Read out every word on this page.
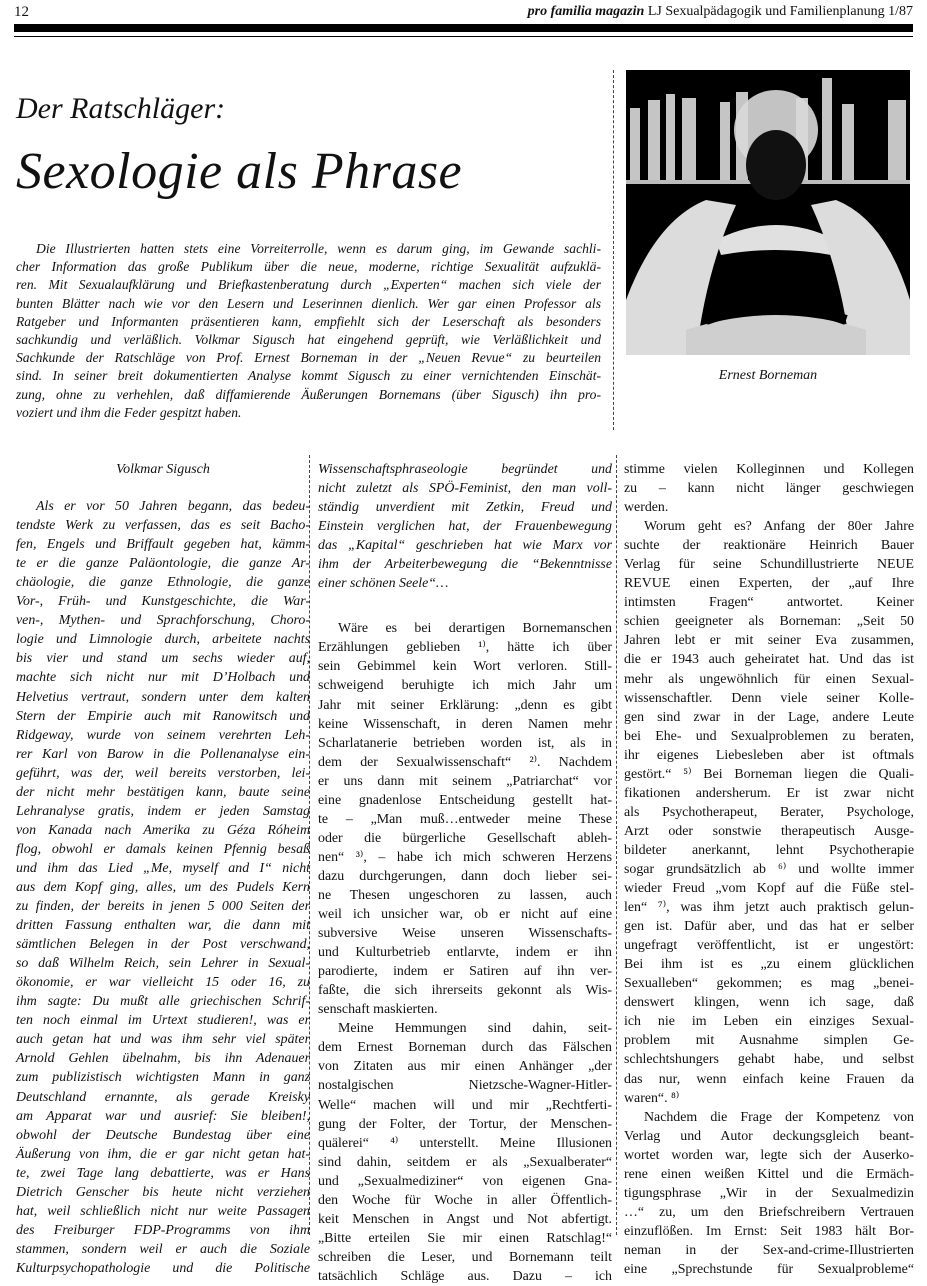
12	pro familia magazin LJ Sexualpädagogik und Familienplanung 1/87
Der Ratschläger:
Sexologie als Phrase
Die Illustrierten hatten stets eine Vorreiterrolle, wenn es darum ging, im Gewande sachli-
cher Information das große Publikum über die neue, moderne, richtige Sexualität aufzuklä-
ren. Mit Sexualaufklärung und Briefkastenberatung durch „Experten“ machen sich viele der
bunten Blätter nach wie vor den Lesern und Leserinnen dienlich. Wer gar einen Professor als
Ratgeber und Informanten präsentieren kann, empfiehlt sich der Leserschaft als besonders
sachkundig und verläßlich. Volkmar Sigusch hat eingehend geprüft, wie Verläßlichkeit und
Sachkunde der Ratschläge von Prof. Ernest Borneman in der „Neuen Revue“ zu beurteilen
sind. In seiner breit dokumentierten Analyse kommt Sigusch zu einer vernichtenden Einschät-
zung, ohne zu verhehlen, daß diffamierende Äußerungen Bornemans (über Sigusch) ihn pro-
voziert und ihm die Feder gespitzt haben.
Ernest Borneman
Volkmar Sigusch
Als er vor 50 Jahren begann, das bedeu-
tendste Werk zu verfassen, das es seit Bacho-
fen, Engels und Briffault gegeben hat, kämm-
te er die ganze Paläontologie, die ganze Ar-
chäologie, die ganze Ethnologie, die ganze
Vor-, Früh- und Kunstgeschichte, die War-
ven-, Mythen- und Sprachforschung, Choro-
logie und Limnologie durch, arbeitete nachts
bis vier und stand um sechs wieder auf,
machte sich nicht nur mit D’Holbach und
Helvetius vertraut, sondern unter dem kalten
Stern der Empirie auch mit Ranowitsch und
Ridgeway, wurde von seinem verehrten Leh-
rer Karl von Barow in die Pollenanalyse ein-
geführt, was der, weil bereits verstorben, lei-
der nicht mehr bestätigen kann, baute seine
Lehranalyse gratis, indem er jeden Samstag
von Kanada nach Amerika zu Géza Róheim
flog, obwohl er damals keinen Pfennig besaß
und ihm das Lied „Me, myself and I“ nicht
aus dem Kopf ging, alles, um des Pudels Kern
zu finden, der bereits in jenen 5 000 Seiten der
dritten Fassung enthalten war, die dann mit
sämtlichen Belegen in der Post verschwand,
so daß Wilhelm Reich, sein Lehrer in Sexual-
ökonomie, er war vielleicht 15 oder 16, zu
ihm sagte: Du mußt alle griechischen Schrif-
ten noch einmal im Urtext studieren!, was er
auch getan hat und was ihm sehr viel später
Arnold Gehlen übelnahm, bis ihn Adenauer
zum publizistisch wichtigsten Mann in ganz
Deutschland ernannte, als gerade Kreisky
am Apparat war und ausrief: Sie bleiben!,
obwohl der Deutsche Bundestag über eine
Äußerung von ihm, die er gar nicht getan hat-
te, zwei Tage lang debattierte, was er Hans
Dietrich Genscher bis heute nicht verziehen
hat, weil schließlich nicht nur weite Passagen
des Freiburger FDP-Programms von ihm
stammen, sondern weil er auch die Soziale
Kulturpsychopathologie und die Politische
Wissenschaftsphraseologie begründet und
nicht zuletzt als SPÖ-Feminist, den man voll-
ständig unverdient mit Zetkin, Freud und
Einstein verglichen hat, der Frauenbewegung
das „Kapital“ geschrieben hat wie Marx vor
ihm der Arbeiterbewegung die “Bekenntnisse
einer schönen Seele“…
Wäre es bei derartigen Bornemanschen
Erzählungen geblieben ¹⁾, hätte ich über
sein Gebimmel kein Wort verloren. Still-
schweigend beruhigte ich mich Jahr um
Jahr mit seiner Erklärung: „denn es gibt
keine Wissenschaft, in deren Namen mehr
Scharlatanerie betrieben worden ist, als in
dem der Sexualwissenschaft“ ²⁾. Nachdem
er uns dann mit seinem „Patriarchat“ vor
eine gnadenlose Entscheidung gestellt hat-
te – „Man muß…entweder meine These
oder die bürgerliche Gesellschaft ableh-
nen“ ³⁾, – habe ich mich schweren Herzens
dazu durchgerungen, dann doch lieber sei-
ne Thesen ungeschoren zu lassen, auch
weil ich unsicher war, ob er nicht auf eine
subversive Weise unseren Wissenschafts-
und Kulturbetrieb entlarvte, indem er ihn
parodierte, indem er Satiren auf ihn ver-
faßte, die sich ihrerseits gekonnt als Wis-
senschaft maskierten.
Meine Hemmungen sind dahin, seit-
dem Ernest Borneman durch das Fälschen
von Zitaten aus mir einen Anhänger „der
nostalgischen Nietzsche-Wagner-Hitler-
Welle“ machen will und mir „Rechtferti-
gung der Folter, der Tortur, der Menschen-
quälerei“ ⁴⁾ unterstellt. Meine Illusionen
sind dahin, seitdem er als „Sexualberater“
und „Sexualmediziner“ von eigenen Gna-
den Woche für Woche in aller Öffentlich-
keit Menschen in Angst und Not abfertigt.
„Bitte erteilen Sie mir einen Ratschlag!“
schreiben die Leser, und Bornemann teilt
tatsächlich Schläge aus. Dazu – ich
stimme vielen Kolleginnen und Kollegen
zu – kann nicht länger geschwiegen
werden.
Worum geht es? Anfang der 80er Jahre
suchte der reaktionäre Heinrich Bauer
Verlag für seine Schundillustrierte NEUE
REVUE einen Experten, der „auf Ihre
intimsten Fragen“ antwortet. Keiner
schien geeigneter als Borneman: „Seit 50
Jahren lebt er mit seiner Eva zusammen,
die er 1943 auch geheiratet hat. Und das ist
mehr als ungewöhnlich für einen Sexual-
wissenschaftler. Denn viele seiner Kolle-
gen sind zwar in der Lage, andere Leute
bei Ehe- und Sexualproblemen zu beraten,
ihr eigenes Liebesleben aber ist oftmals
gestört.“ ⁵⁾ Bei Borneman liegen die Quali-
fikationen andersherum. Er ist zwar nicht
als Psychotherapeut, Berater, Psychologe,
Arzt oder sonstwie therapeutisch Ausge-
bildeter anerkannt, lehnt Psychotherapie
sogar grundsätzlich ab ⁶⁾ und wollte immer
wieder Freud „vom Kopf auf die Füße stel-
len“ ⁷⁾, was ihm jetzt auch praktisch gelun-
gen ist. Dafür aber, und das hat er selber
ungefragt veröffentlicht, ist er ungestört:
Bei ihm ist es „zu einem glücklichen
Sexualleben“ gekommen; es mag „benei-
denswert klingen, wenn ich sage, daß
ich nie im Leben ein einziges Sexual-
problem mit Ausnahme simplen Ge-
schlechtshungers gehabt habe, und selbst
das nur, wenn einfach keine Frauen da
waren“. ⁸⁾
Nachdem die Frage der Kompetenz von
Verlag und Autor deckungsgleich beant-
wortet worden war, legte sich der Auserko-
rene einen weißen Kittel und die Ermäch-
tigungsphrase „Wir in der Sexualmedizin
…“ zu, um den Briefschreibern Vertrauen
einzuflößen. Im Ernst: Seit 1983 hält Bor-
neman in der Sex-and-crime-Illustrierten
eine „Sprechstunde für Sexualprobleme“
